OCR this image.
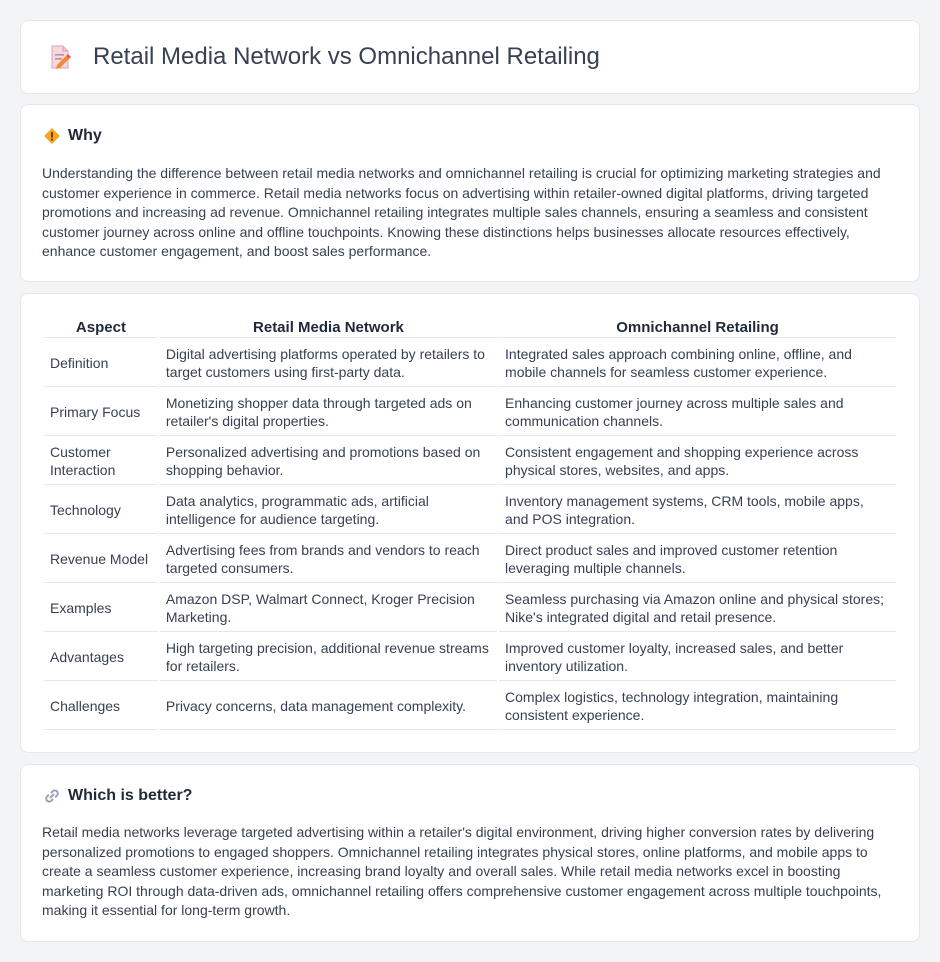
Retail Media Network vs Omnichannel Retailing
Why

Understanding the difference between retail media networks and omnichannel retailing is crucial for optimizing marketing strategies and customer experience in commerce. Retail media networks focus on advertising within retailer-owned digital platforms, driving targeted promotions and increasing ad revenue. Omnichannel retailing integrates multiple sales channels, ensuring a seamless and consistent customer journey across online and offline touchpoints. Knowing these distinctions helps businesses allocate resources effectively, enhance customer engagement, and boost sales performance.

Aspect	Retail Media Network	Omnichannel Retailing
Definition	Digital advertising platforms operated by retailers to target customers using first-party data.	Integrated sales approach combining online, offline, and mobile channels for seamless customer experience.
Primary Focus	Monetizing shopper data through targeted ads on retailer's digital properties.	Enhancing customer journey across multiple sales and communication channels.
Customer Interaction	Personalized advertising and promotions based on shopping behavior.	Consistent engagement and shopping experience across physical stores, websites, and apps.
Technology	Data analytics, programmatic ads, artificial intelligence for audience targeting.	Inventory management systems, CRM tools, mobile apps, and POS integration.
Revenue Model	Advertising fees from brands and vendors to reach targeted consumers.	Direct product sales and improved customer retention leveraging multiple channels.
Examples	Amazon DSP, Walmart Connect, Kroger Precision Marketing.	Seamless purchasing via Amazon online and physical stores; Nike's integrated digital and retail presence.
Advantages	High targeting precision, additional revenue streams for retailers.	Improved customer loyalty, increased sales, and better inventory utilization.
Challenges	Privacy concerns, data management complexity.	Complex logistics, technology integration, maintaining consistent experience.
Which is better?

Retail media networks leverage targeted advertising within a retailer's digital environment, driving higher conversion rates by delivering personalized promotions to engaged shoppers. Omnichannel retailing integrates physical stores, online platforms, and mobile apps to create a seamless customer experience, increasing brand loyalty and overall sales. While retail media networks excel in boosting marketing ROI through data-driven ads, omnichannel retailing offers comprehensive customer engagement across multiple touchpoints, making it essential for long-term growth.
